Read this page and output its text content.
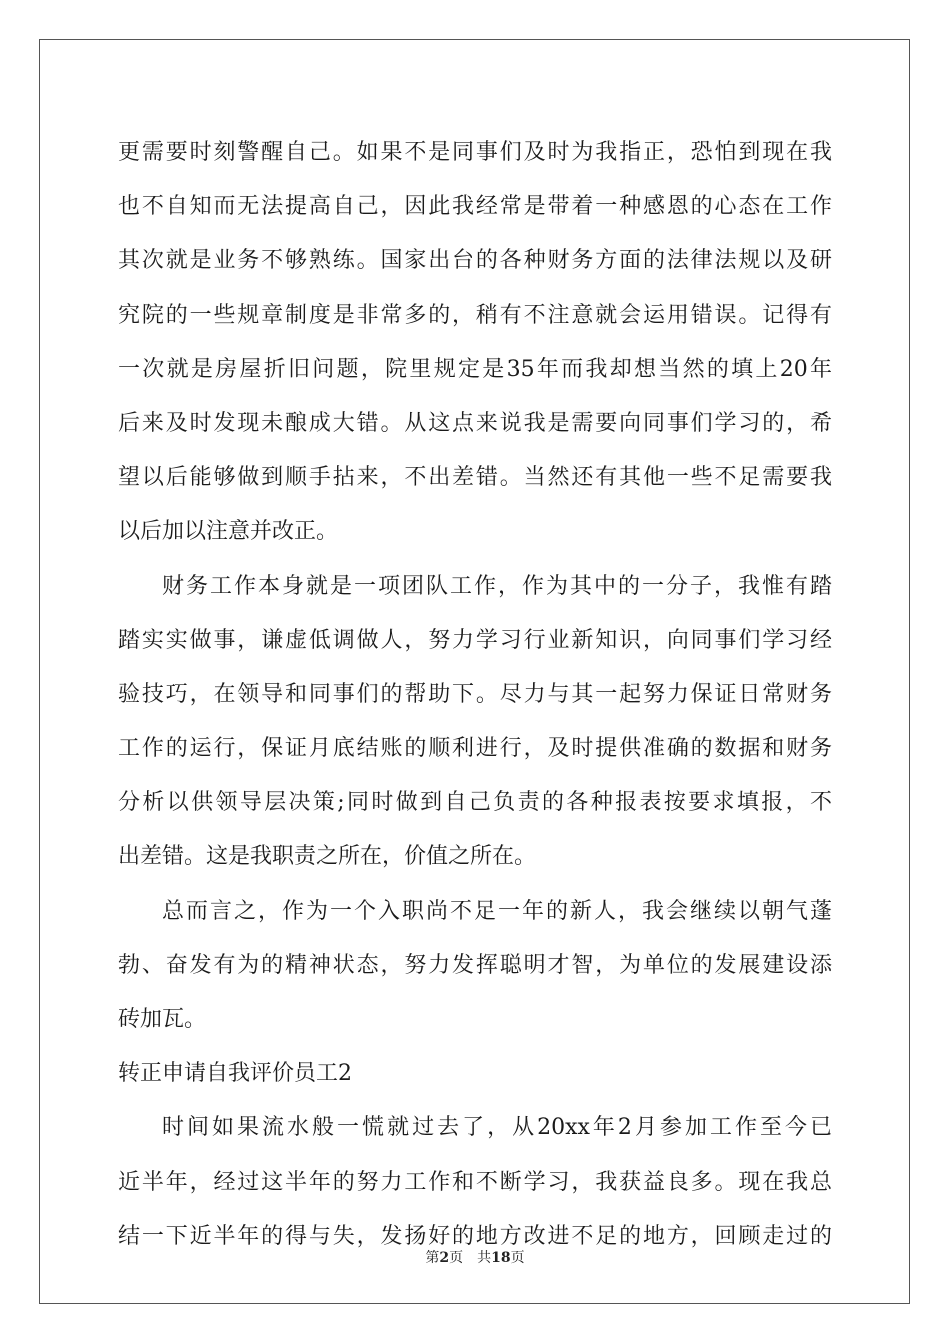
更需要时刻警醒自己。如果不是同事们及时为我指正，恐怕到现在我
也不自知而无法提高自己，因此我经常是带着一种感恩的心态在工作
其次就是业务不够熟练。国家出台的各种财务方面的法律法规以及研
究院的一些规章制度是非常多的，稍有不注意就会运用错误。记得有
一次就是房屋折旧问题，院里规定是35年而我却想当然的填上20年
后来及时发现未酿成大错。从这点来说我是需要向同事们学习的，希
望以后能够做到顺手拈来，不出差错。当然还有其他一些不足需要我
以后加以注意并改正。
财务工作本身就是一项团队工作，作为其中的一分子，我惟有踏
踏实实做事，谦虚低调做人，努力学习行业新知识，向同事们学习经
验技巧，在领导和同事们的帮助下。尽力与其一起努力保证日常财务
工作的运行，保证月底结账的顺利进行，及时提供准确的数据和财务
分析以供领导层决策;同时做到自己负责的各种报表按要求填报，不
出差错。这是我职责之所在，价值之所在。
总而言之，作为一个入职尚不足一年的新人，我会继续以朝气蓬
勃、奋发有为的精神状态，努力发挥聪明才智，为单位的发展建设添
砖加瓦。
转正申请自我评价员工2
时间如果流水般一慌就过去了，从20xx年2月参加工作至今已
近半年，经过这半年的努力工作和不断学习，我获益良多。现在我总
结一下近半年的得与失，发扬好的地方改进不足的地方，回顾走过的
第2页 共18页
